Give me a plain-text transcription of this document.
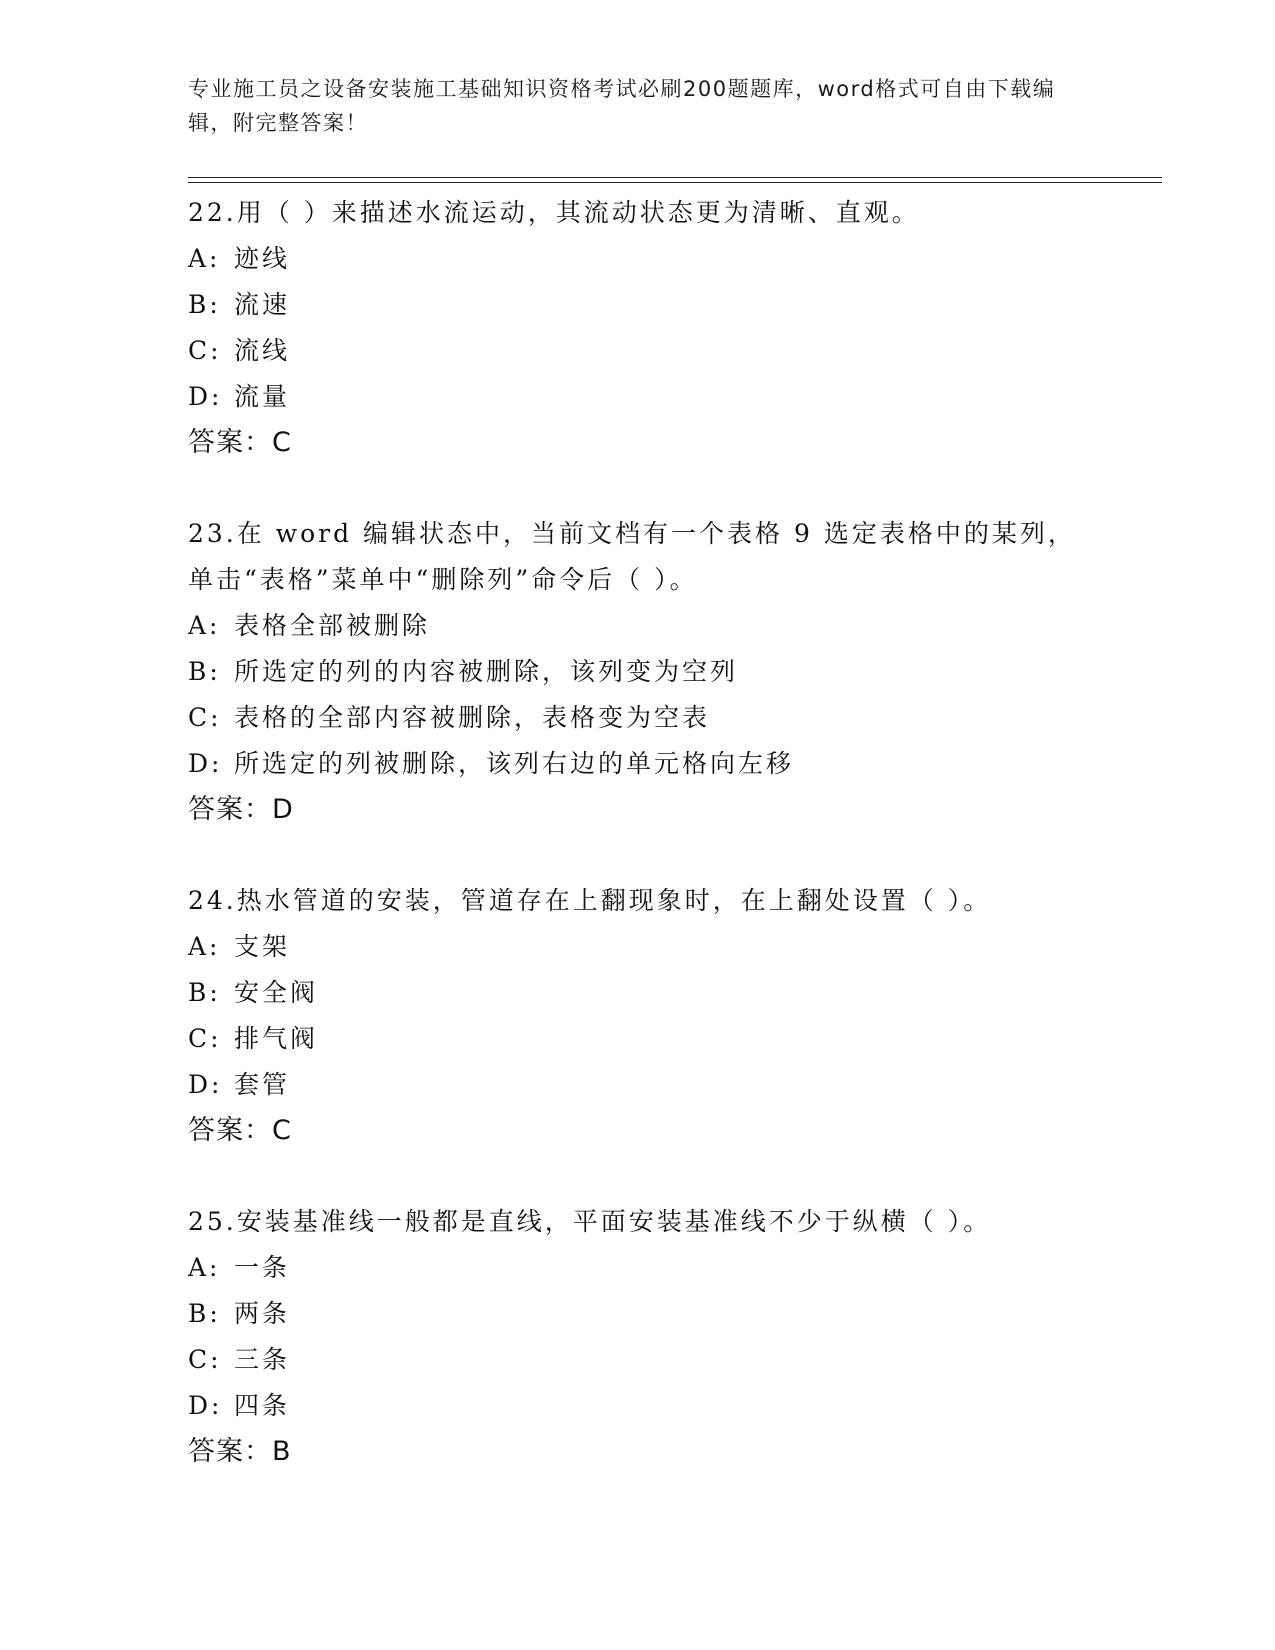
专业施工员之设备安装施工基础知识资格考试必刷200题题库，word格式可自由下载编辑，附完整答案！
22.用（ ）来描述水流运动，其流动状态更为清晰、直观。
A: 迹线
B: 流速
C: 流线
D: 流量
答案：C
23.在 word 编辑状态中，当前文档有一个表格 9 选定表格中的某列，
单击“表格”菜单中“删除列”命令后（ ）。
A: 表格全部被删除
B: 所选定的列的内容被删除，该列变为空列
C: 表格的全部内容被删除，表格变为空表
D: 所选定的列被删除，该列右边的单元格向左移
答案：D
24.热水管道的安装，管道存在上翻现象时，在上翻处设置（ ）。
A: 支架
B: 安全阀
C: 排气阀
D: 套管
答案：C
25.安装基准线一般都是直线，平面安装基准线不少于纵横（ ）。
A: 一条
B: 两条
C: 三条
D: 四条
答案：B
